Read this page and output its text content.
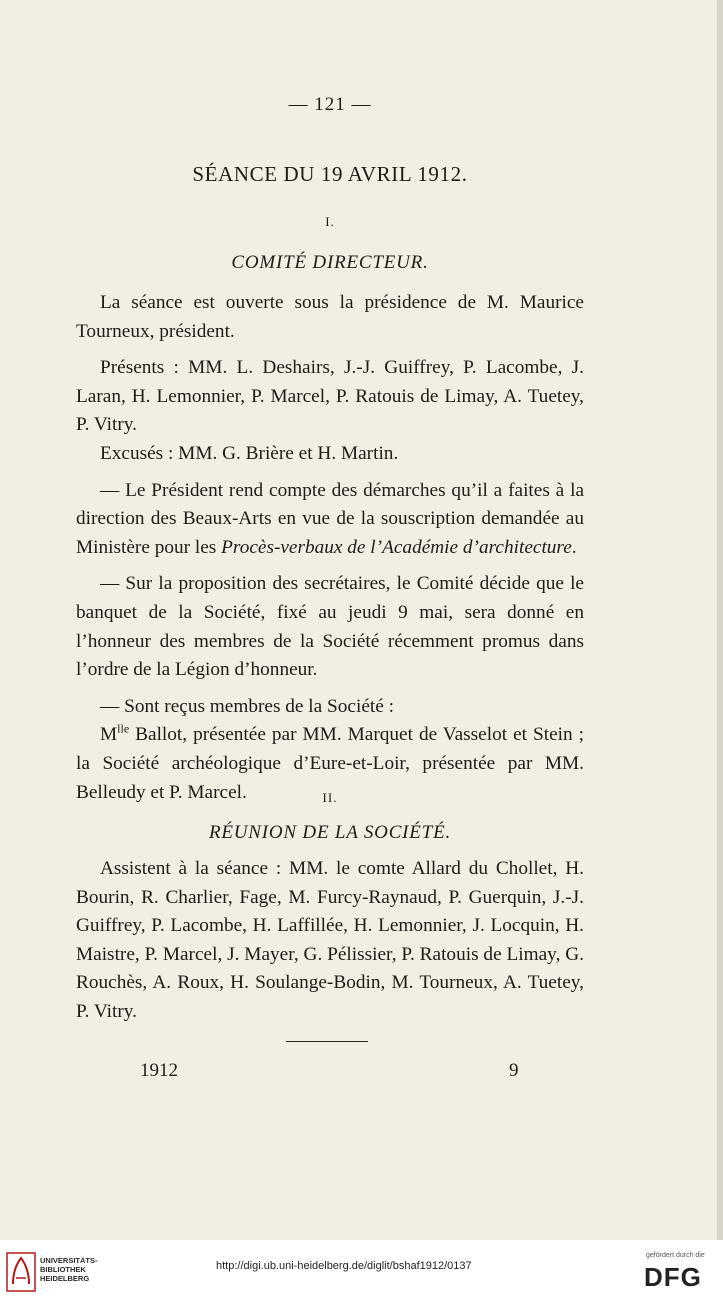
— 121 —
SÉANCE DU 19 AVRIL 1912.
I.
COMITÉ DIRECTEUR.

La séance est ouverte sous la présidence de M. Maurice Tourneux, président.

Présents : MM. L. Deshairs, J.-J. Guiffrey, P. Lacombe, J. Laran, H. Lemonnier, P. Marcel, P. Ratouis de Limay, A. Tuetey, P. Vitry.

Excusés : MM. G. Brière et H. Martin.

— Le Président rend compte des démarches qu’il a faites à la direction des Beaux-Arts en vue de la souscription demandée au Ministère pour les Procès-verbaux de l’Académie d’architecture.

— Sur la proposition des secrétaires, le Comité décide que le banquet de la Société, fixé au jeudi 9 mai, sera donné en l’honneur des membres de la Société récemment promus dans l’ordre de la Légion d’honneur.

— Sont reçus membres de la Société :

$M^{lle}$ Ballot, présentée par MM. Marquet de Vasselot et Stein ; la Société archéologique d’Eure-et-Loir, présentée par MM. Belleudy et P. Marcel.	II.
RÉUNION DE LA SOCIÉTÉ.

Assistent à la séance : MM. le comte Allard du Chollet, H. Bourin, R. Charlier, Fage, M. Furcy-Raynaud, P. Guerquin, J.-J. Guiffrey, P. Lacombe, H. Laffillée, H. Lemonnier, J. Locquin, H. Maistre, P. Marcel, J. Mayer, G. Pélissier, P. Ratouis de Limay, G. Rouchès, A. Roux, H. Soulange-Bodin, M. Tourneux, A. Tuetey, P. Vitry.

1912	9
UNIVERSITÄTS-
BIBLIOTHEK
HEIDELBERG
http://digi.ub.uni-heidelberg.de/diglit/bshaf1912/0137
gefördert durch die
DFG
